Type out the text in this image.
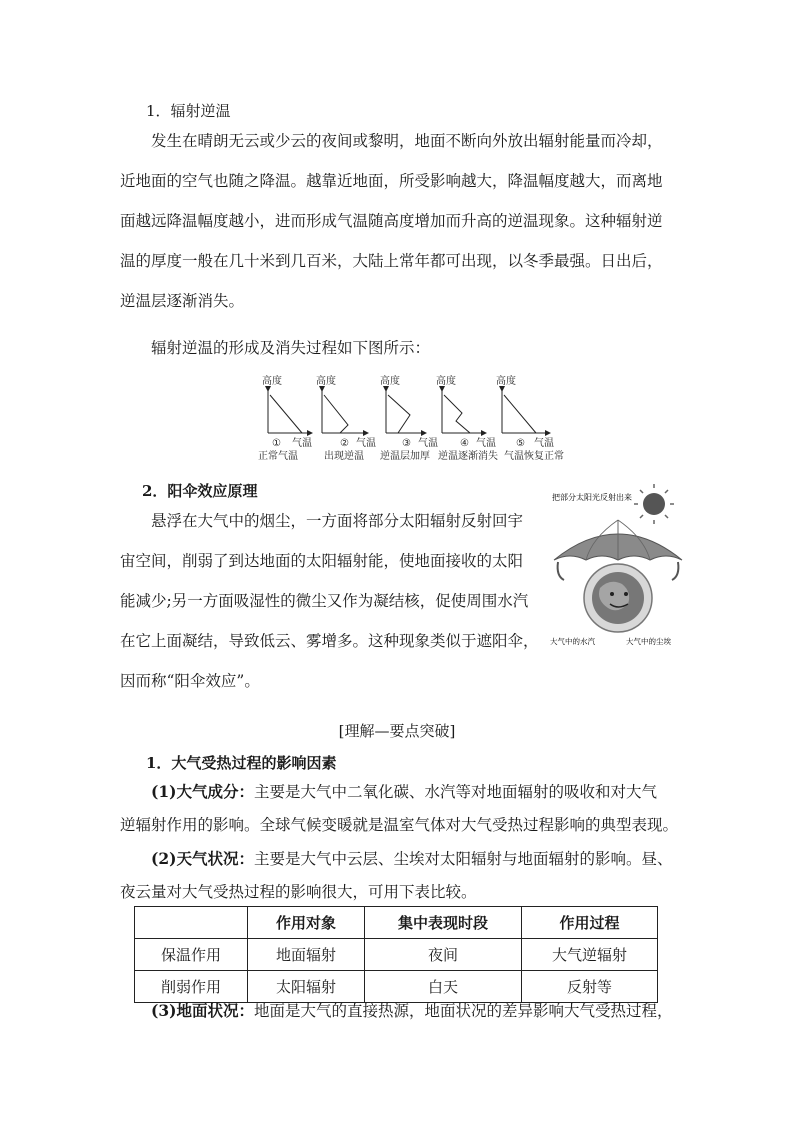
1．辐射逆温
发生在晴朗无云或少云的夜间或黎明，地面不断向外放出辐射能量而冷却，
近地面的空气也随之降温。越靠近地面，所受影响越大，降温幅度越大，而离地
面越远降温幅度越小，进而形成气温随高度增加而升高的逆温现象。这种辐射逆
温的厚度一般在几十米到几百米，大陆上常年都可出现，以冬季最强。日出后，
逆温层逐渐消失。
辐射逆温的形成及消失过程如下图所示：
高度
① 气温
正常气温
高度
② 气温
出现逆温
高度
③ 气温
逆温层加厚
高度
④ 气温
逆温逐渐消失
高度
⑤ 气温
气温恢复正常
2．阳伞效应原理
悬浮在大气中的烟尘，一方面将部分太阳辐射反射回宇
宙空间，削弱了到达地面的太阳辐射能，使地面接收的太阳
能减少;另一方面吸湿性的微尘又作为凝结核，促使周围水汽
在它上面凝结，导致低云、雾增多。这种现象类似于遮阳伞，
因而称“阳伞效应”。
把部分太阳光反射出来
大气中的水汽	大气中的尘埃
[理解—要点突破]
1．大气受热过程的影响因素
(1)大气成分：主要是大气中二氧化碳、水汽等对地面辐射的吸收和对大气
逆辐射作用的影响。全球气候变暖就是温室气体对大气受热过程影响的典型表现。
(2)天气状况：主要是大气中云层、尘埃对太阳辐射与地面辐射的影响。昼、
夜云量对大气受热过程的影响很大，可用下表比较。
	作用对象	集中表现时段	作用过程
保温作用	地面辐射	夜间	大气逆辐射
削弱作用	太阳辐射	白天	反射等
(3)地面状况：地面是大气的直接热源，地面状况的差异影响大气受热过程，
